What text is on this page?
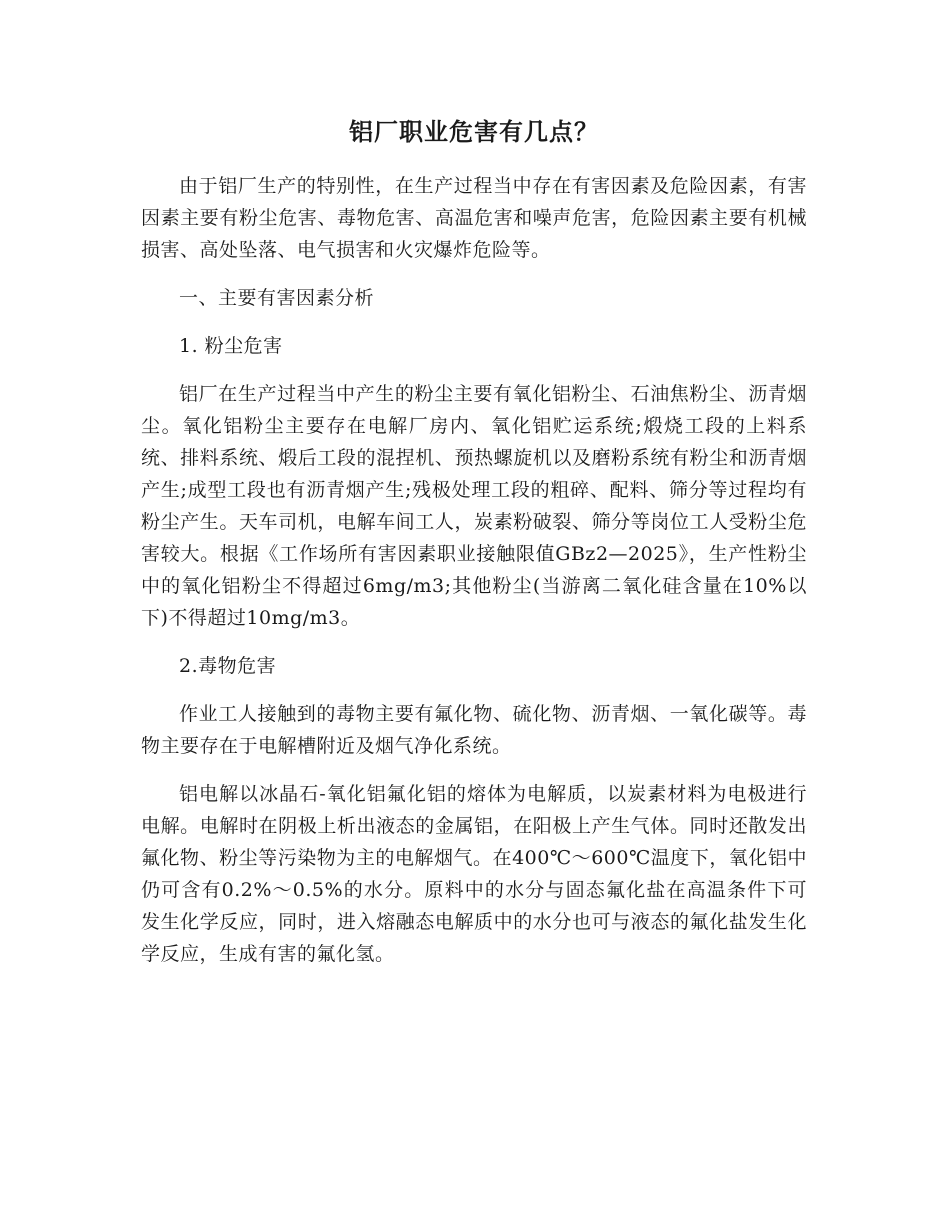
铝厂职业危害有几点？

由于铝厂生产的特别性，在生产过程当中存在有害因素及危险因素，有害因素主要有粉尘危害、毒物危害、高温危害和噪声危害，危险因素主要有机械损害、高处坠落、电气损害和火灾爆炸危险等。

一、主要有害因素分析

1. 粉尘危害

铝厂在生产过程当中产生的粉尘主要有氧化铝粉尘、石油焦粉尘、沥青烟尘。氧化铝粉尘主要存在电解厂房内、氧化铝贮运系统;煅烧工段的上料系统、排料系统、煅后工段的混捏机、预热螺旋机以及磨粉系统有粉尘和沥青烟产生;成型工段也有沥青烟产生;残极处理工段的粗碎、配料、筛分等过程均有粉尘产生。天车司机，电解车间工人，炭素粉破裂、筛分等岗位工人受粉尘危害较大。根据《工作场所有害因素职业接触限值GBz2—2025》，生产性粉尘中的氧化铝粉尘不得超过6mg/m3;其他粉尘(当游离二氧化硅含量在10%以下)不得超过10mg/m3。

2.毒物危害

作业工人接触到的毒物主要有氟化物、硫化物、沥青烟、一氧化碳等。毒物主要存在于电解槽附近及烟气净化系统。

铝电解以冰晶石-氧化铝氟化铝的熔体为电解质，以炭素材料为电极进行电解。电解时在阴极上析出液态的金属铝，在阳极上产生气体。同时还散发出氟化物、粉尘等污染物为主的电解烟气。在400℃～600℃温度下，氧化铝中仍可含有0.2%～0.5%的水分。原料中的水分与固态氟化盐在高温条件下可发生化学反应，同时，进入熔融态电解质中的水分也可与液态的氟化盐发生化学反应，生成有害的氟化氢。
